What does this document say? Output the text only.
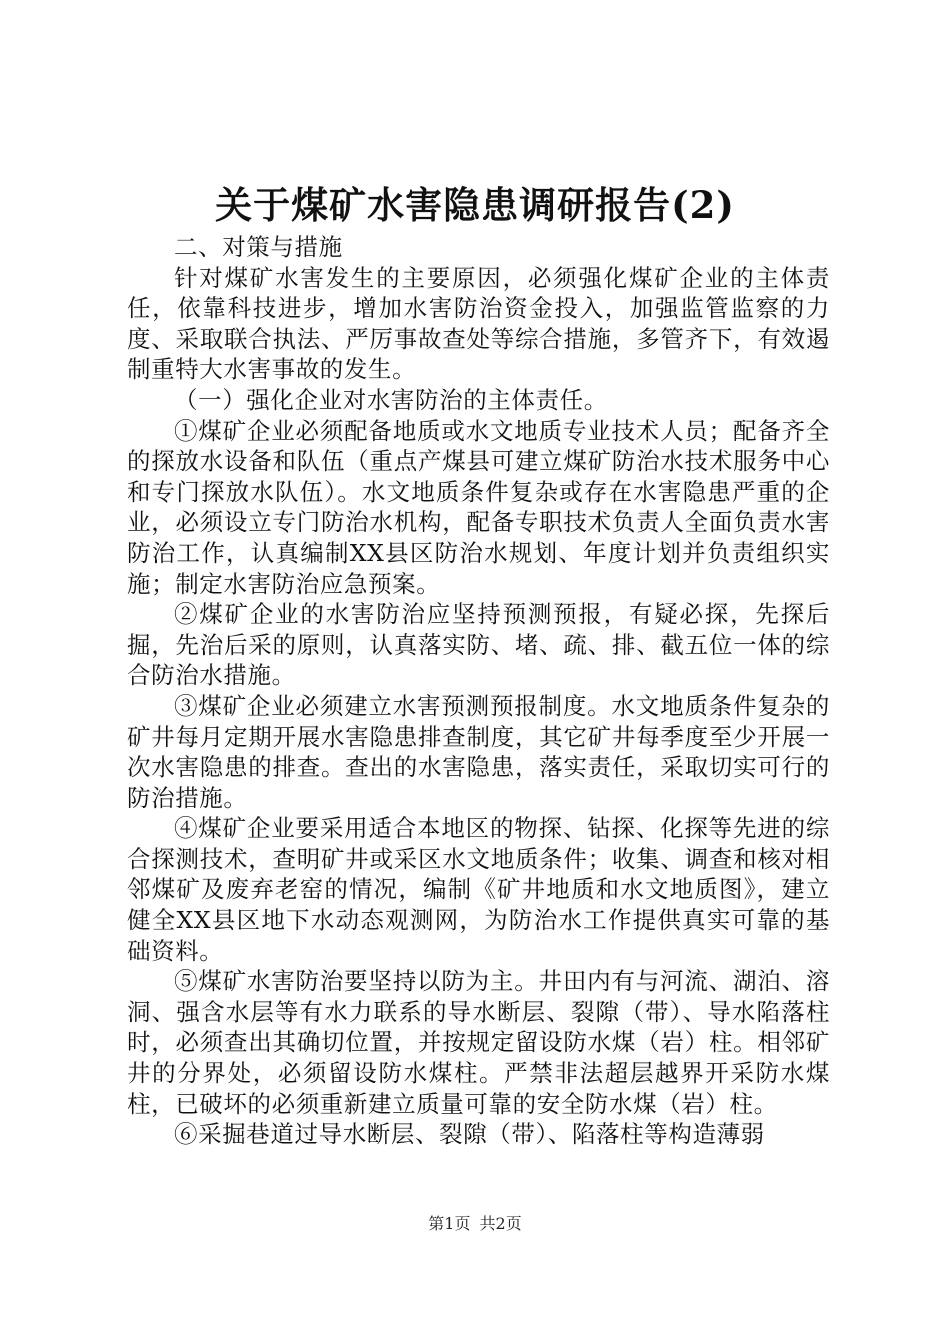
关于煤矿水害隐患调研报告(2)

二、对策与措施

针对煤矿水害发生的主要原因，必须强化煤矿企业的主体责任，依靠科技进步，增加水害防治资金投入，加强监管监察的力度、采取联合执法、严厉事故查处等综合措施，多管齐下，有效遏制重特大水害事故的发生。

（一）强化企业对水害防治的主体责任。

①煤矿企业必须配备地质或水文地质专业技术人员；配备齐全的探放水设备和队伍（重点产煤县可建立煤矿防治水技术服务中心和专门探放水队伍）。水文地质条件复杂或存在水害隐患严重的企业，必须设立专门防治水机构，配备专职技术负责人全面负责水害防治工作，认真编制XX县区防治水规划、年度计划并负责组织实施；制定水害防治应急预案。

②煤矿企业的水害防治应坚持预测预报，有疑必探，先探后掘，先治后采的原则，认真落实防、堵、疏、排、截五位一体的综合防治水措施。

③煤矿企业必须建立水害预测预报制度。水文地质条件复杂的矿井每月定期开展水害隐患排查制度，其它矿井每季度至少开展一次水害隐患的排查。查出的水害隐患，落实责任，采取切实可行的防治措施。

④煤矿企业要采用适合本地区的物探、钻探、化探等先进的综合探测技术，查明矿井或采区水文地质条件；收集、调查和核对相邻煤矿及废弃老窑的情况，编制《矿井地质和水文地质图》，建立健全XX县区地下水动态观测网，为防治水工作提供真实可靠的基础资料。

⑤煤矿水害防治要坚持以防为主。井田内有与河流、湖泊、溶洞、强含水层等有水力联系的导水断层、裂隙（带）、导水陷落柱时，必须查出其确切位置，并按规定留设防水煤（岩）柱。相邻矿井的分界处，必须留设防水煤柱。严禁非法超层越界开采防水煤柱，已破坏的必须重新建立质量可靠的安全防水煤（岩）柱。

⑥采掘巷道过导水断层、裂隙（带）、陷落柱等构造薄弱

第1页 共2页
